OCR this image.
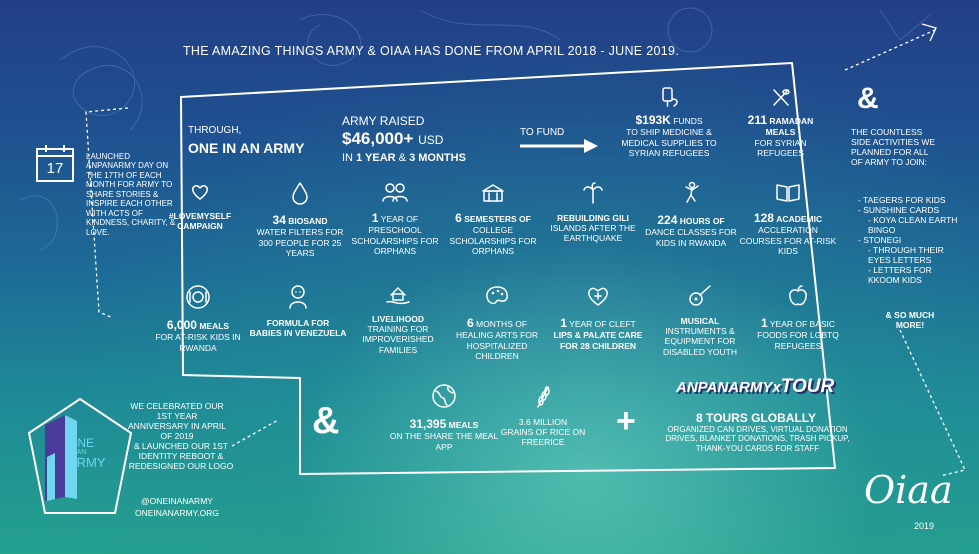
THE AMAZING THINGS ARMY & OIAA HAS DONE FROM APRIL 2018 - JUNE 2019.
THROUGH,
ONE IN AN ARMY
ARMY RAISED
$46,000+ USD
IN 1 YEAR & 3 MONTHS
TO FUND
$193K FUNDS
TO SHIP MEDICINE & MEDICAL SUPPLIES TO SYRIAN REFUGEES
211 RAMADAN MEALS
FOR SYRIAN REFUGEES
17
LAUNCHED ANPANARMY DAY ON THE 17TH OF EACH MONTH FOR ARMY TO SHARE STORIES & INSPIRE EACH OTHER WITH ACTS OF KINDNESS, CHARITY, & LOVE.
#LOVEMYSELF
CAMPAIGN	34 BIOSAND
WATER FILTERS FOR 300 PEOPLE FOR 25 YEARS
1 YEAR OF
PRESCHOOL SCHOLARSHIPS FOR ORPHANS
6 SEMESTERS OF
COLLEGE SCHOLARSHIPS FOR ORPHANS
REBUILDING GILI
ISLANDS AFTER THE EARTHQUAKE
224 HOURS OF
DANCE CLASSES FOR KIDS IN RWANDA
128 ACADEMIC
ACCLERATION COURSES FOR AT-RISK KIDS
6,000 MEALS
FOR AT-RISK KIDS IN RWANDA
FORMULA FOR
BABIES IN VENEZUELA
LIVELIHOOD
TRAINING FOR IMPROVERISHED FAMILIES
6 MONTHS OF
HEALING ARTS FOR HOSPITALIZED CHILDREN
1 YEAR OF CLEFT
LIPS & PALATE CARE FOR 28 CHILDREN
MUSICAL
INSTRUMENTS & EQUIPMENT FOR DISABLED YOUTH
1 YEAR OF BASIC
FOODS FOR LGBTQ REFUGEES
&	31,395 MEALS
ON THE SHARE THE MEAL APP
3.6 MILLION
GRAINS OF RICE ON FREERICE
+
ANPANARMYxTOUR
8 TOURS GLOBALLY
ORGANIZED CAN DRIVES, VIRTUAL DONATION DRIVES, BLANKET DONATIONS, TRASH PICKUP, THANK-YOU CARDS FOR STAFF
&
THE COUNTLESS SIDE ACTIVITIES WE PLANNED FOR ALL OF ARMY TO JOIN:
- TAEGERS FOR KIDS
- SUNSHINE CARDS
- KOYA CLEAN EARTH BINGO
- STONEGI
- THROUGH THEIR EYES LETTERS
- LETTERS FOR KKOOM KIDS
& SO MUCH MORE!
ONE
IN AN
ARMY
WE CELEBRATED OUR 1ST YEAR ANNIVERSARY IN APRIL OF 2019
& LAUNCHED OUR 1ST IDENTITY REBOOT & REDESIGNED OUR LOGO
@ONEINANARMY
ONEINANARMY.ORG
Oiaa
2019
